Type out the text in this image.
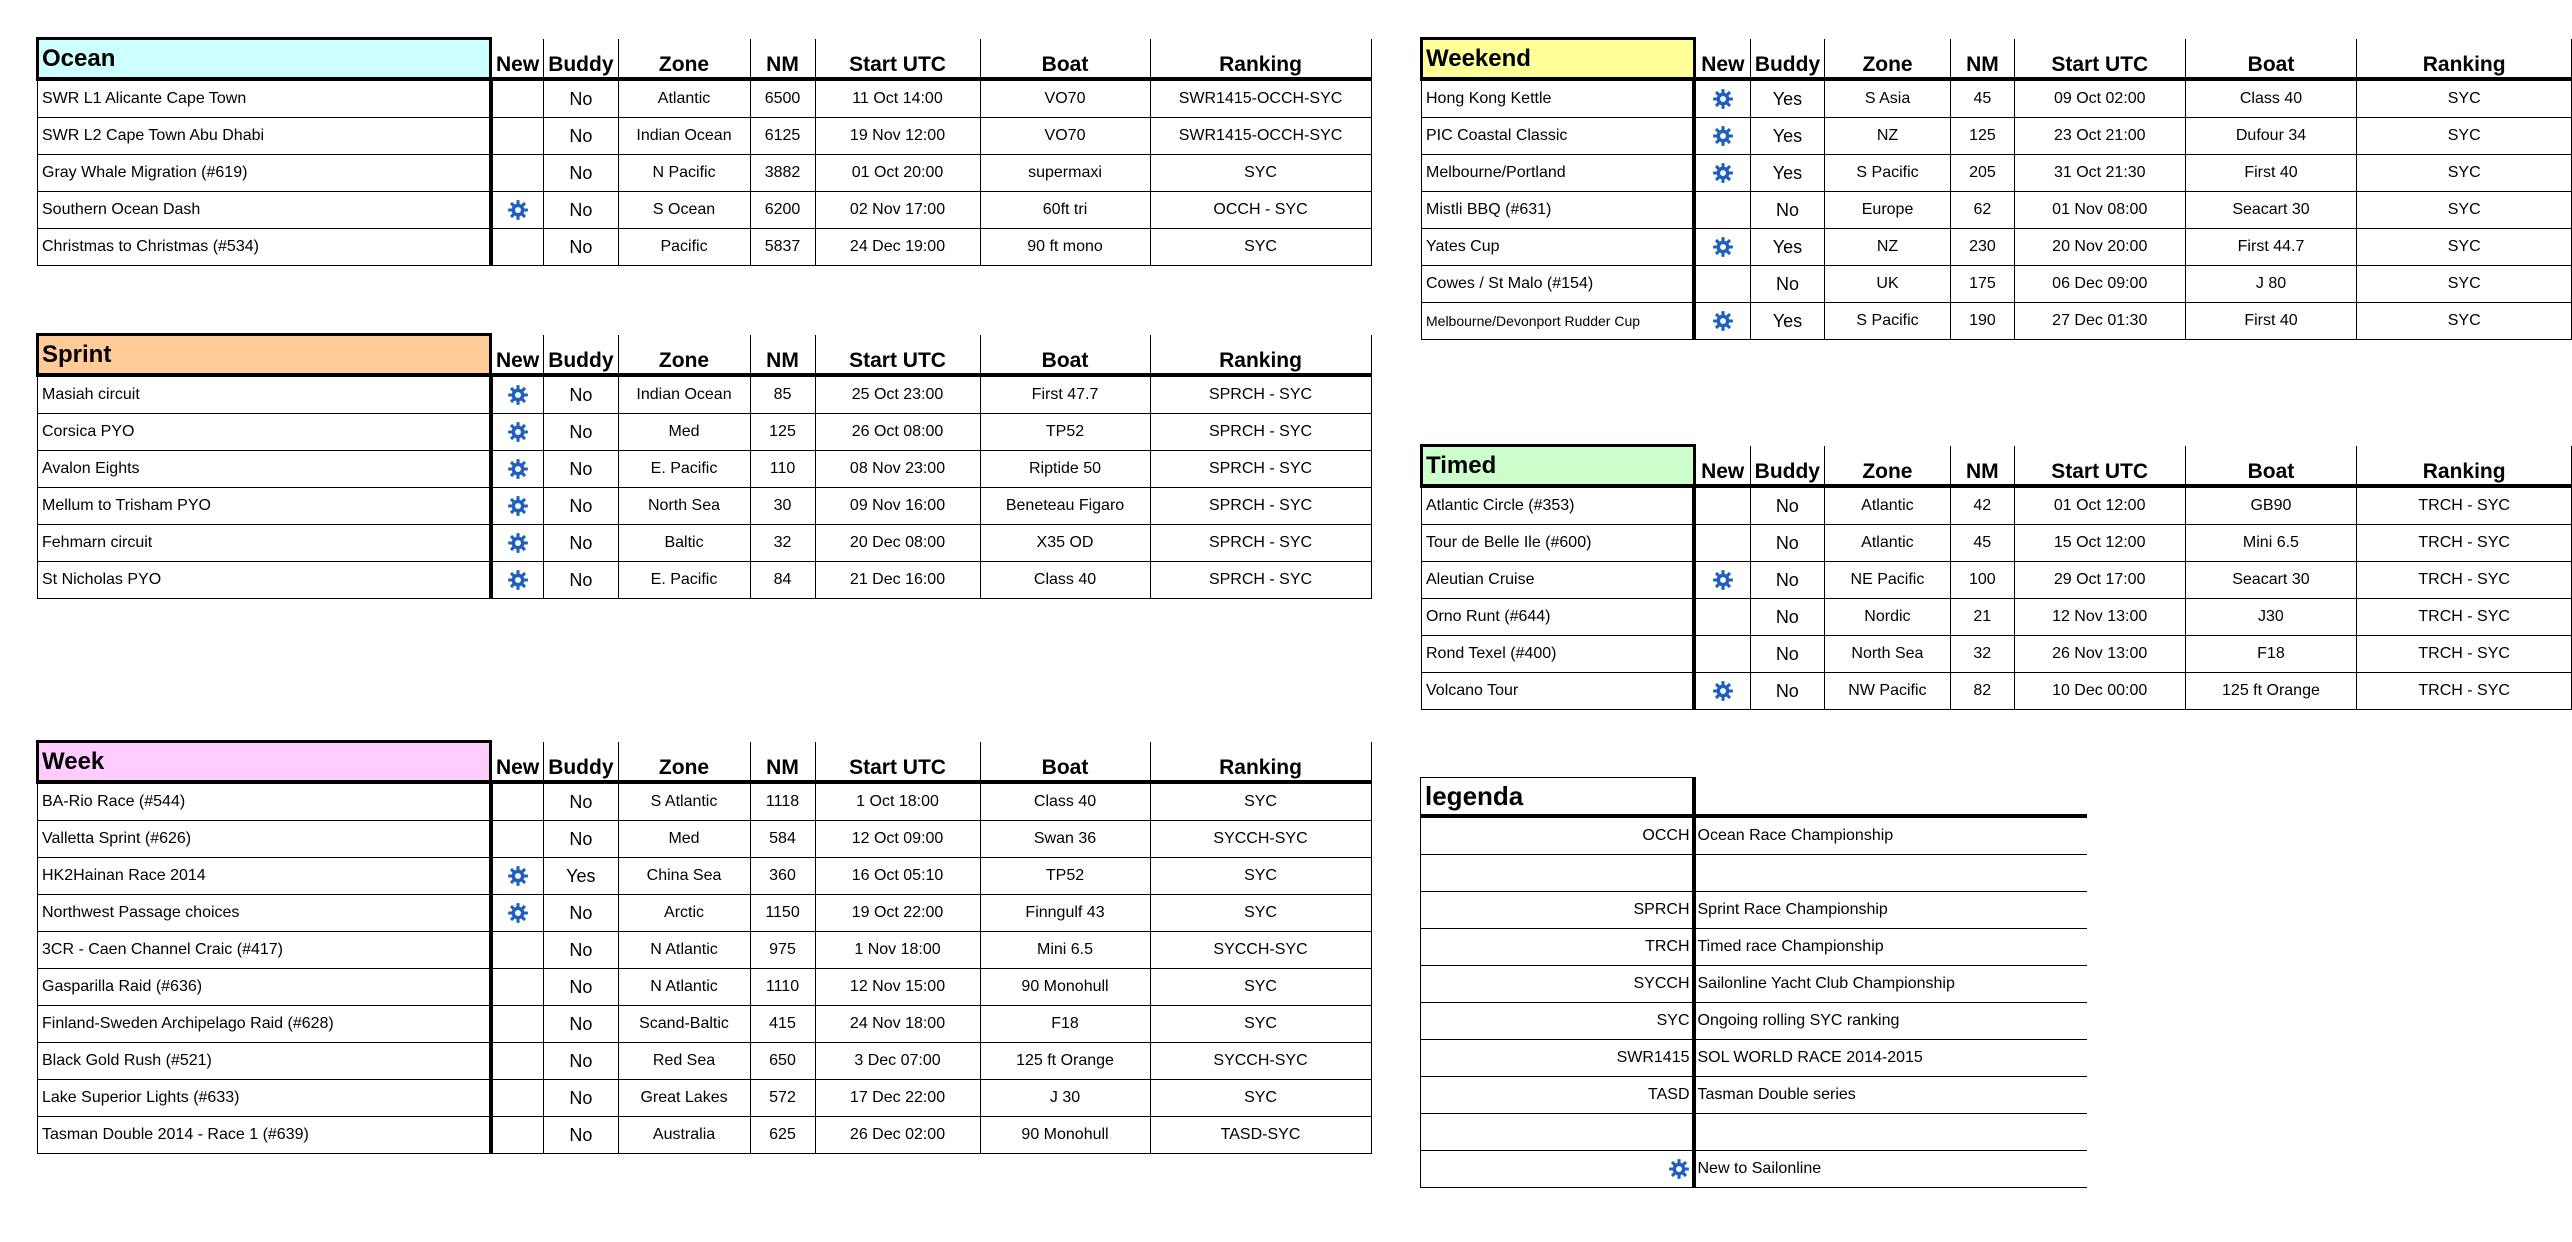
Ocean	New	Buddy	Zone	NM	Start UTC	Boat	Ranking
SWR L1 Alicante Cape Town		No	Atlantic	6500	11 Oct 14:00	VO70	SWR1415-OCCH-SYC
SWR L2 Cape Town Abu Dhabi		No	Indian Ocean	6125	19 Nov 12:00	VO70	SWR1415-OCCH-SYC
Gray Whale Migration (#619)		No	N Pacific	3882	01 Oct 20:00	supermaxi	SYC
Southern Ocean Dash		No	S Ocean	6200	02 Nov 17:00	60ft tri	OCCH - SYC
Christmas to Christmas (#534)		No	Pacific	5837	24 Dec 19:00	90 ft mono	SYC
Sprint	New	Buddy	Zone	NM	Start UTC	Boat	Ranking
Masiah circuit		No	Indian Ocean	85	25 Oct 23:00	First 47.7	SPRCH - SYC
Corsica PYO		No	Med	125	26 Oct 08:00	TP52	SPRCH - SYC
Avalon Eights		No	E. Pacific	110	08 Nov 23:00	Riptide 50	SPRCH - SYC
Mellum to Trisham PYO		No	North Sea	30	09 Nov 16:00	Beneteau Figaro	SPRCH - SYC
Fehmarn circuit		No	Baltic	32	20 Dec 08:00	X35 OD	SPRCH - SYC
St Nicholas PYO		No	E. Pacific	84	21 Dec 16:00	Class 40	SPRCH - SYC
Week	New	Buddy	Zone	NM	Start UTC	Boat	Ranking
BA-Rio Race (#544)		No	S Atlantic	1118	1 Oct 18:00	Class 40	SYC
Valletta Sprint (#626)		No	Med	584	12 Oct 09:00	Swan 36	SYCCH-SYC
HK2Hainan Race 2014		Yes	China Sea	360	16 Oct 05:10	TP52	SYC
Northwest Passage choices		No	Arctic	1150	19 Oct 22:00	Finngulf 43	SYC
3CR - Caen Channel Craic (#417)		No	N Atlantic	975	1 Nov 18:00	Mini 6.5	SYCCH-SYC
Gasparilla Raid (#636)		No	N Atlantic	1110	12 Nov 15:00	90 Monohull	SYC
Finland-Sweden Archipelago Raid (#628)		No	Scand-Baltic	415	24 Nov 18:00	F18	SYC
Black Gold Rush (#521)		No	Red Sea	650	3 Dec 07:00	125 ft Orange	SYCCH-SYC
Lake Superior Lights (#633)		No	Great Lakes	572	17 Dec 22:00	J 30	SYC
Tasman Double 2014 - Race 1 (#639)		No	Australia	625	26 Dec 02:00	90 Monohull	TASD-SYC
Weekend	New	Buddy	Zone	NM	Start UTC	Boat	Ranking
Hong Kong Kettle		Yes	S Asia	45	09 Oct 02:00	Class 40	SYC
PIC Coastal Classic		Yes	NZ	125	23 Oct 21:00	Dufour 34	SYC
Melbourne/Portland		Yes	S Pacific	205	31 Oct 21:30	First 40	SYC
Mistli BBQ (#631)		No	Europe	62	01 Nov 08:00	Seacart 30	SYC
Yates Cup		Yes	NZ	230	20 Nov 20:00	First 44.7	SYC
Cowes / St Malo (#154)		No	UK	175	06 Dec 09:00	J 80	SYC
Melbourne/Devonport Rudder Cup		Yes	S Pacific	190	27 Dec 01:30	First 40	SYC
Timed	New	Buddy	Zone	NM	Start UTC	Boat	Ranking
Atlantic Circle (#353)		No	Atlantic	42	01 Oct 12:00	GB90	TRCH - SYC
Tour de Belle Ile (#600)		No	Atlantic	45	15 Oct 12:00	Mini 6.5	TRCH - SYC
Aleutian Cruise		No	NE Pacific	100	29 Oct 17:00	Seacart 30	TRCH - SYC
Orno Runt (#644)		No	Nordic	21	12 Nov 13:00	J30	TRCH - SYC
Rond Texel (#400)		No	North Sea	32	26 Nov 13:00	F18	TRCH - SYC
Volcano Tour		No	NW Pacific	82	10 Dec 00:00	125 ft Orange	TRCH - SYC
legenda	
OCCH	Ocean Race Championship

SPRCH	Sprint Race Championship
TRCH	Timed race Championship
SYCCH	Sailonline Yacht Club Championship
SYC	Ongoing rolling SYC ranking
SWR1415	SOL WORLD RACE 2014-2015
TASD	Tasman Double series

	New to Sailonline
